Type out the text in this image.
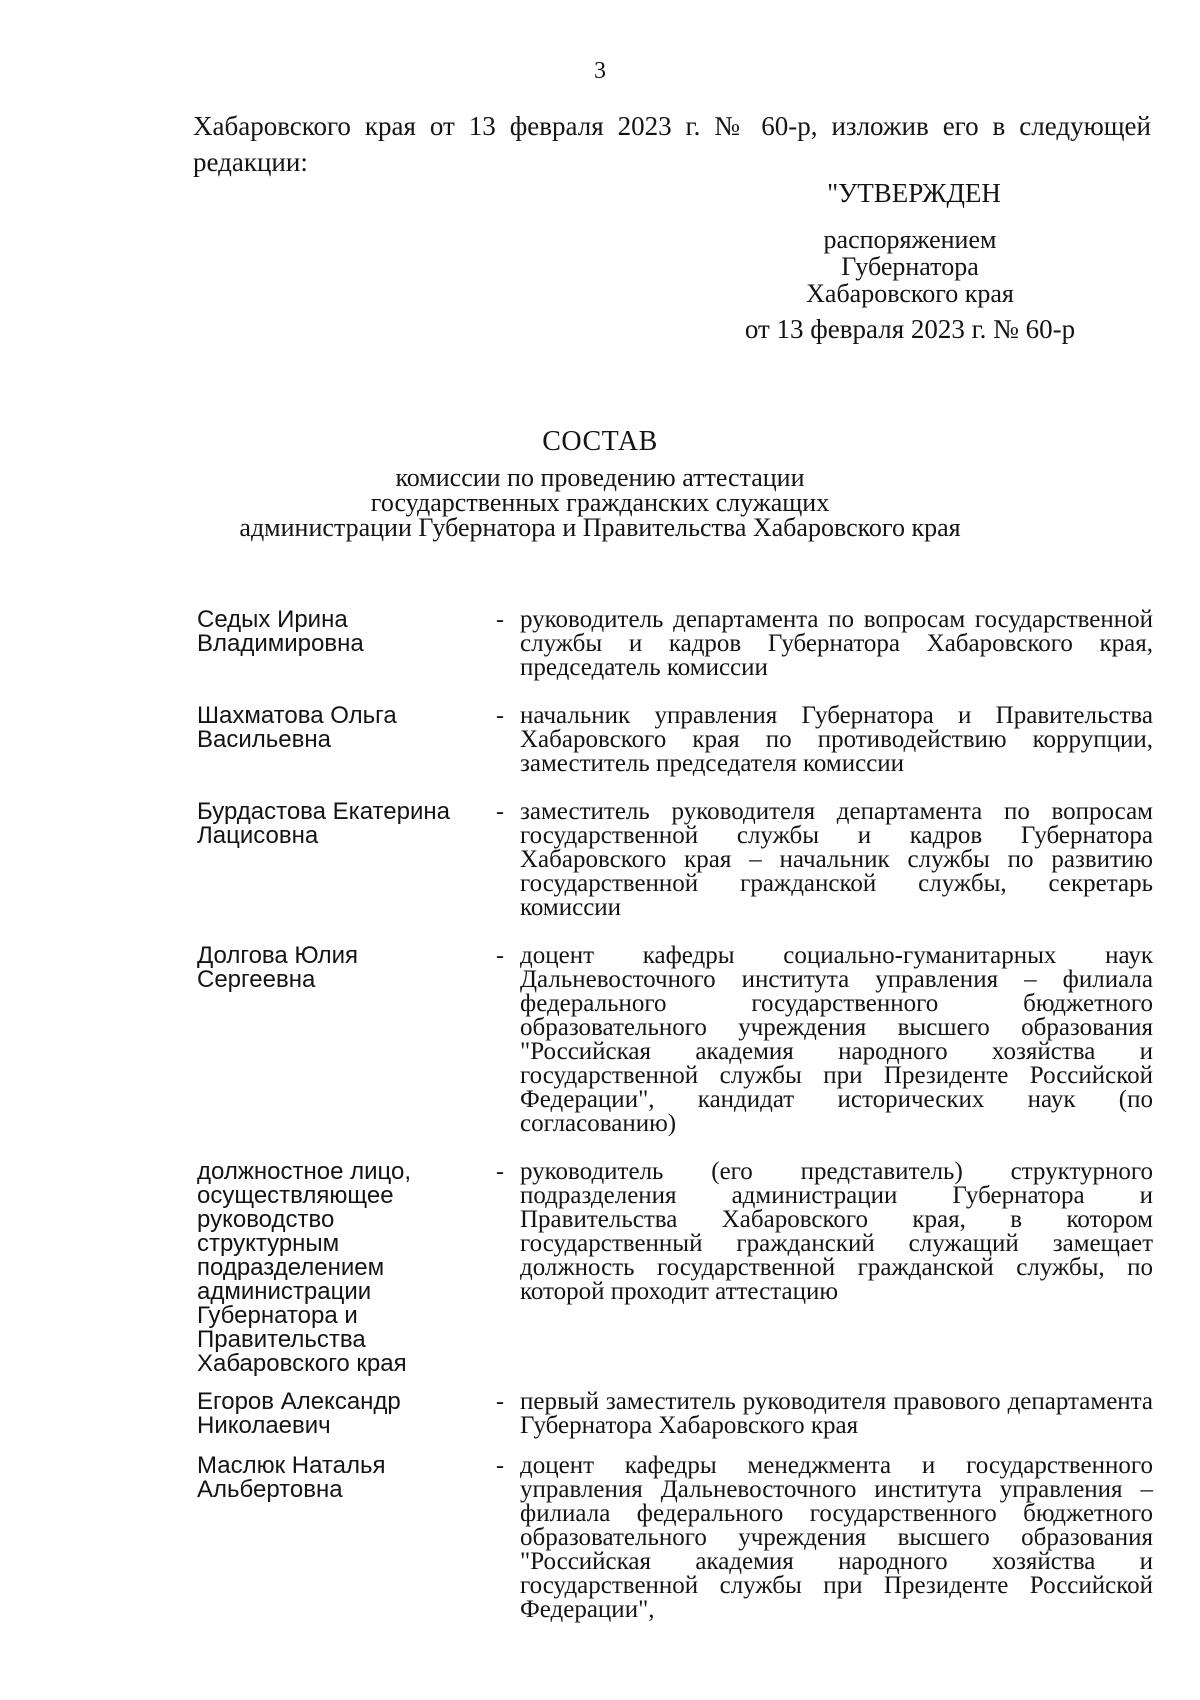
3

Хабаровского края от 13 февраля 2023 г. № 60-р, изложив его в следующей редакции:

"УТВЕРЖДЕН
распоряжением
Губернатора
Хабаровского края
от 13 февраля 2023 г. № 60-р
СОСТАВ
комиссии по проведению аттестации
государственных гражданских служащих
администрации Губернатора и Правительства Хабаровского края
Седых Ирина Владимировна
- руководитель департамента по вопросам государственной службы и кадров Губернатора Хабаровского края, председатель комиссии
Шахматова Ольга Васильевна
- начальник управления Губернатора и Правительства Хабаровского края по противодействию коррупции, заместитель председателя комиссии
Бурдастова Екатерина Лацисовна
- заместитель руководителя департамента по вопросам государственной службы и кадров Губернатора Хабаровского края – начальник службы по развитию государственной гражданской службы, секретарь комиссии
Долгова Юлия Сергеевна
- доцент кафедры социально-гуманитарных наук Дальневосточного института управления – филиала федерального государственного бюджетного образовательного учреждения высшего образования "Российская академия народного хозяйства и государственной службы при Президенте Российской Федерации", кандидат исторических наук (по согласованию)
должностное лицо, осуществляющее руководство структурным подразделением администрации Губернатора и Правительства Хабаровского края
- руководитель (его представитель) структурного подразделения администрации Губернатора и Правительства Хабаровского края, в котором государственный гражданский служащий замещает должность государственной гражданской службы, по которой проходит аттестацию
Егоров Александр Николаевич
- первый заместитель руководителя правового департамента Губернатора Хабаровского края
Маслюк Наталья Альбертовна
- доцент кафедры менеджмента и государственного управления Дальневосточного института управления – филиала федерального государственного бюджетного образовательного учреждения высшего образования "Российская академия народного хозяйства и государственной службы при Президенте Российской Федерации",
